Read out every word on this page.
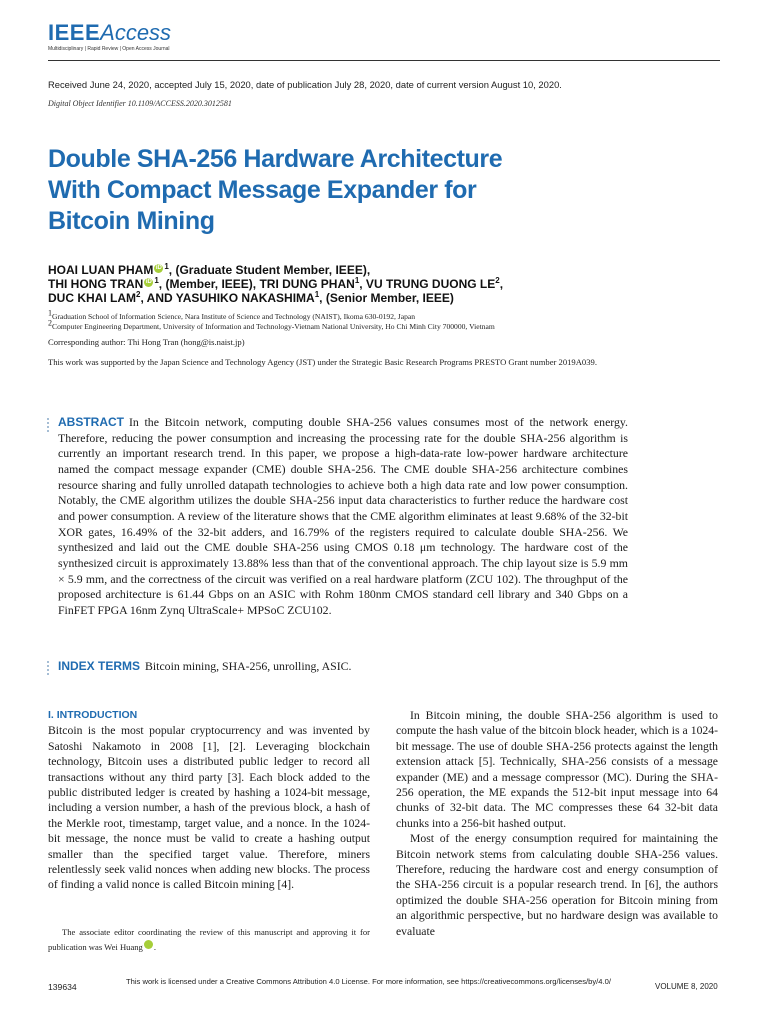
IEEEAccess
Multidisciplinary | Rapid Review | Open Access Journal
Received June 24, 2020, accepted July 15, 2020, date of publication July 28, 2020, date of current version August 10, 2020.
Digital Object Identifier 10.1109/ACCESS.2020.3012581
Double SHA-256 Hardware Architecture
With Compact Message Expander for
Bitcoin Mining
HOAI LUAN PHAM iD $^1$, (Graduate Student Member, IEEE),
THI HONG TRAN iD $^1$, (Member, IEEE), TRI DUNG PHAN$^1$, VU TRUNG DUONG $LE^2$,
DUC KHAI LAM$^2$, AND YASUHIKO NAKASHIMA$^1$, (Senior Member, IEEE)
$^1$Graduation School of Information Science, Nara Institute of Science and Technology (NAIST), Ikoma 630-0192, Japan
$^2$Computer Engineering Department, University of Information and Technology-Vietnam National University, Ho Chi Minh City 700000, Vietnam
Corresponding author: Thi Hong Tran (hong@is.naist.jp)
This work was supported by the Japan Science and Technology Agency (JST) under the Strategic Basic Research Programs PRESTO Grant number 2019A039.
ABSTRACT In the Bitcoin network, computing double SHA-256 values consumes most of the network energy. Therefore, reducing the power consumption and increasing the processing rate for the double SHA-256 algorithm is currently an important research trend. In this paper, we propose a high-data-rate low-power hardware architecture named the compact message expander (CME) double SHA-256. The CME double SHA-256 architecture combines resource sharing and fully unrolled datapath technologies to achieve both a high data rate and low power consumption. Notably, the CME algorithm utilizes the double SHA-256 input data characteristics to further reduce the hardware cost and power consumption. A review of the literature shows that the CME algorithm eliminates at least 9.68% of the 32-bit XOR gates, 16.49% of the 32-bit adders, and 16.79% of the registers required to calculate double SHA-256. We synthesized and laid out the CME double SHA-256 using CMOS 0.18 μm technology. The hardware cost of the synthesized circuit is approximately 13.88% less than that of the conventional approach. The chip layout size is 5.9 mm × 5.9 mm, and the correctness of the circuit was verified on a real hardware platform (ZCU 102). The throughput of the proposed architecture is 61.44 Gbps on an ASIC with Rohm 180nm CMOS standard cell library and 340 Gbps on a FinFET FPGA 16nm Zynq UltraScale+ MPSoC ZCU102.
INDEX TERMS Bitcoin mining, SHA-256, unrolling, ASIC.
I. INTRODUCTION

Bitcoin is the most popular cryptocurrency and was invented by Satoshi Nakamoto in 2008 [1], [2]. Leveraging blockchain technology, Bitcoin uses a distributed public ledger to record all transactions without any third party [3]. Each block added to the public distributed ledger is created by hashing a 1024-bit message, including a version number, a hash of the previous block, a hash of the Merkle root, timestamp, target value, and a nonce. In the 1024-bit message, the nonce must be valid to create a hashing output smaller than the specified target value. Therefore, miners relentlessly seek valid nonces when adding new blocks. The process of finding a valid nonce is called Bitcoin mining [4].

The associate editor coordinating the review of this manuscript and approving it for publication was Wei Huang	iD.

In Bitcoin mining, the double SHA-256 algorithm is used to compute the hash value of the bitcoin block header, which is a 1024-bit message. The use of double SHA-256 protects against the length extension attack [5]. Technically, SHA-256 consists of a message expander (ME) and a message compressor (MC). During the SHA-256 operation, the ME expands the 512-bit input message into 64 chunks of 32-bit data. The MC compresses these 64 32-bit data chunks into a 256-bit hashed output.

Most of the energy consumption required for maintaining the Bitcoin network stems from calculating double SHA-256 values. Therefore, reducing the hardware cost and energy consumption of the SHA-256 circuit is a popular research trend. In [6], the authors optimized the double SHA-256 operation for Bitcoin mining from an algorithmic perspective, but no hardware design was available to evaluate

139634
This work is licensed under a Creative Commons Attribution 4.0 License. For more information, see https://creativecommons.org/licenses/by/4.0/
VOLUME 8, 2020
